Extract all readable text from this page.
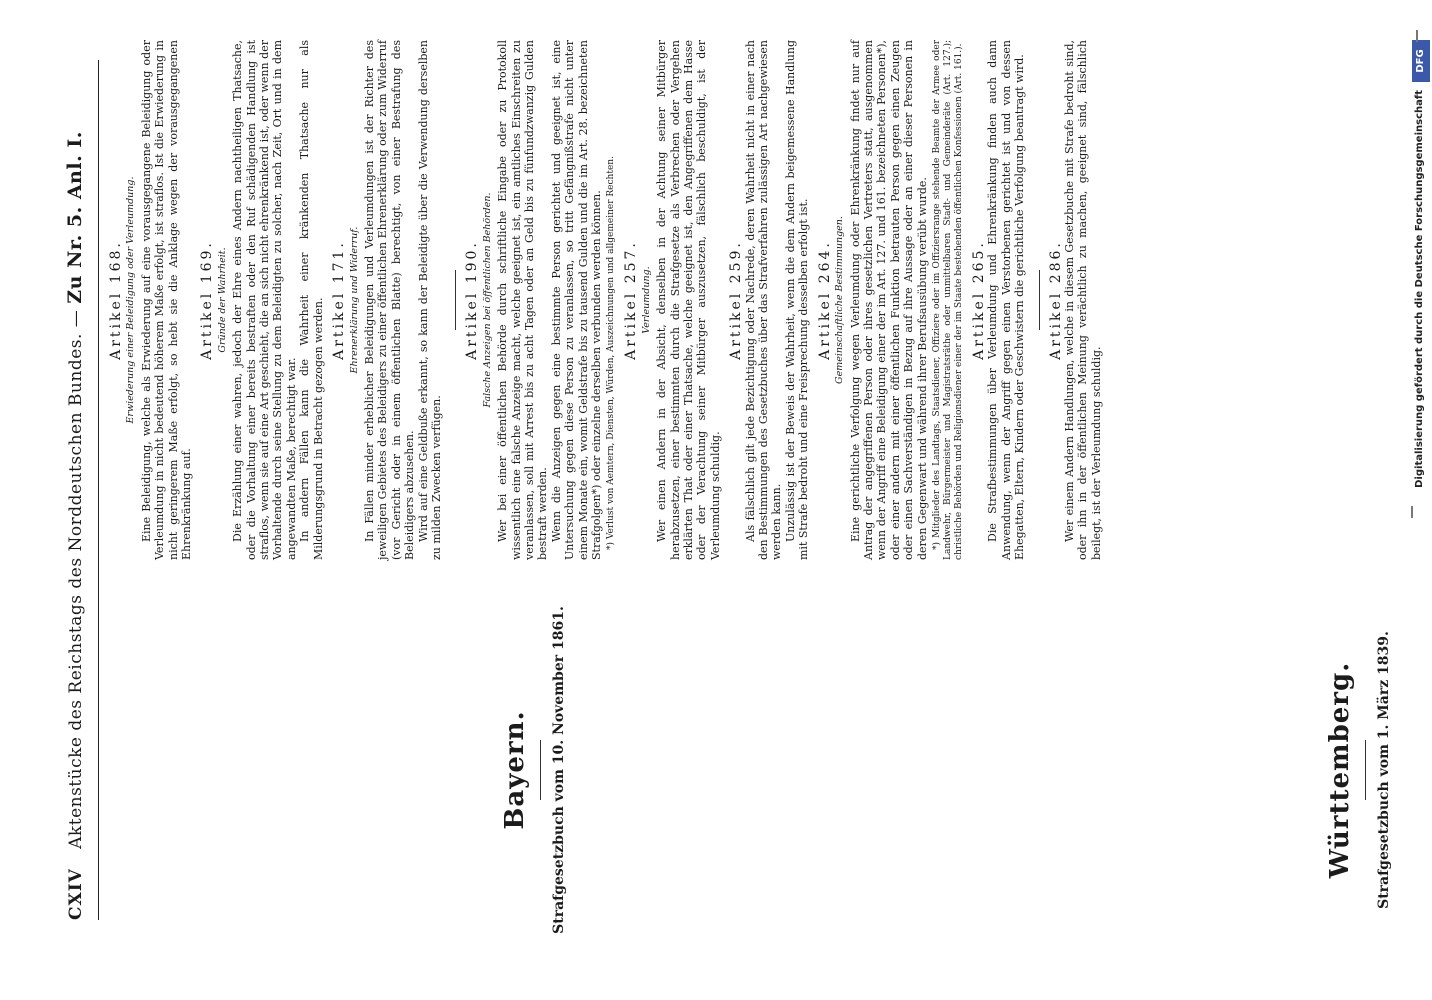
CXIV
Aktenstücke des Reichstags des Norddeutschen Bundes. — Zu Nr. 5. Anl. I.
Bayern. Strafgesetzbuch vom 10. November 1861.	Württemberg. Strafgesetzbuch vom 1. März 1839.
Artikel 168. Erwiederung einer Beleidigung oder Verleumdung. Eine Beleidigung, welche als Erwiederung auf eine vorausgegangene Beleidigung oder Verleumdung in nicht bedeutend höherem Maße erfolgt, ist straflos. Ist die Erwiederung in nicht geringerem Maße erfolgt, so hebt sie die Anklage wegen der vorausgegangenen Ehrenkränkung auf.

Artikel 169. Gründe der Wahrheit. Die Erzählung einer wahren, jedoch der Ehre eines Andern nachtheiligen Thatsache, oder die Vorhaltung einer bereits bestraften oder den Ruf schädigenden Handlung ist straflos, wenn sie auf eine Art geschieht, die an sich nicht ehrenkränkend ist, oder wenn der Vorhaltende durch seine Stellung zu dem Beleidigten zu solcher, nach Zeit, Ort und in dem angewandten Maße, berechtigt war. In andern Fällen kann die Wahrheit einer kränkenden Thatsache nur als Milderungsgrund in Betracht gezogen werden. Artikel 171. Ehrenerklärung und Widerruf. In Fällen minder erheblicher Beleidigungen und Verleumdungen ist der Richter des jeweiligen Gebietes des Beleidigers zu einer öffentlichen Ehrenerklärung oder zum Widerruf (vor Gericht oder in einem öffentlichen Blatte) berechtigt, von einer Bestrafung des Beleidigers abzusehen. Wird auf eine Geldbuße erkannt, so kann der Beleidigte über die Verwendung derselben zu milden Zwecken verfügen.

Artikel 190. Falsche Anzeigen bei öffentlichen Behörden. Wer bei einer öffentlichen Behörde durch schriftliche Eingabe oder zu Protokoll wissentlich eine falsche Anzeige macht, welche geeignet ist, ein amtliches Einschreiten zu veranlassen, soll mit Arrest bis zu acht Tagen oder an Geld bis zu fünfundzwanzig Gulden bestraft werden. Wenn die Anzeigen gegen eine bestimmte Person gerichtet und geeignet ist, eine Untersuchung gegen diese Person zu veranlassen, so tritt Gefängnißstrafe nicht unter einem Monate ein, womit Geldstrafe bis zu tausend Gulden und die im Art. 28. bezeichneten Strafgolgen*) oder einzelne derselben verbunden werden können. *) Verlust von Aemtern, Diensten, Würden, Auszeichnungen und allgemeiner Rechten. Artikel 257. Verleumdung. Wer einen Andern in der Absicht, denselben in der Achtung seiner Mitbürger herabzusetzen, einer bestimmten durch die Strafgesetze als Verbrechen oder Vergehen erklärten That oder einer Thatsache, welche geeignet ist, den Angegriffenen dem Hasse oder der Verachtung seiner Mitbürger auszusetzen, fälschlich beschuldigt, ist der Verleumdung schuldig.

Artikel 259. Als fälschlich gilt jede Bezichtigung oder Nachrede, deren Wahrheit nicht in einer nach den Bestimmungen des Gesetzbuches über das Strafverfahren zulässigen Art nachgewiesen werden kann. Unzulässig ist der Beweis der Wahrheit, wenn die dem Andern beigemessene Handlung mit Strafe bedroht und eine Freisprechung desselben erfolgt ist. Artikel 264. Gemeinschaftliche Bestimmungen. Eine gerichtliche Verfolgung wegen Verleumdung oder Ehrenkränkung findet nur auf Antrag der angegriffenen Person oder ihres gesetzlichen Vertreters statt, ausgenommen wenn der Angriff eine Beleidigung einer der im Art. 127. und 161. bezeichneten Personen*), oder einer andern mit einer öffentlichen Funktion betrauten Person gegen einen Zeugen oder einen Sachverständigen in Bezug auf ihre Aussage oder an einer dieser Personen in deren Gegenwart und während ihrer Berufsausübung verübt wurde. *) Mitglieder des Landtags, Staatsdiener, Offiziere oder im Offiziersrange stehende Beamte der Armee oder Landwehr, Bürgermeister und Magistratsräthe oder unmittelbaren Stadt- und Gemeinderäte (Art. 127.); christliche Behörden und Religionsdiener einer der im Staate bestehenden öffentlichen Konfessionen (Art. 161.). Artikel 265. Die Strafbestimmungen über Verleumdung und Ehrenkränkung finden auch dann Anwendung, wenn der Angriff gegen einen Verstorbenen gerichtet ist und von dessen Ehegatten, Eltern, Kindern oder Geschwistern die gerichtliche Verfolgung beantragt wird. Artikel 286. Wer einem Andern Handlungen, welche in diesem Gesetzbuche mit Strafe bedroht sind, oder ihn in der öffentlichen Meinung verächtlich zu machen, geeignet sind, fälschlich beilegt, ist der Verleumdung schuldig.	Digitalisierung gefördert durch die Deutsche Forschungsgemeinschaft
DFG
